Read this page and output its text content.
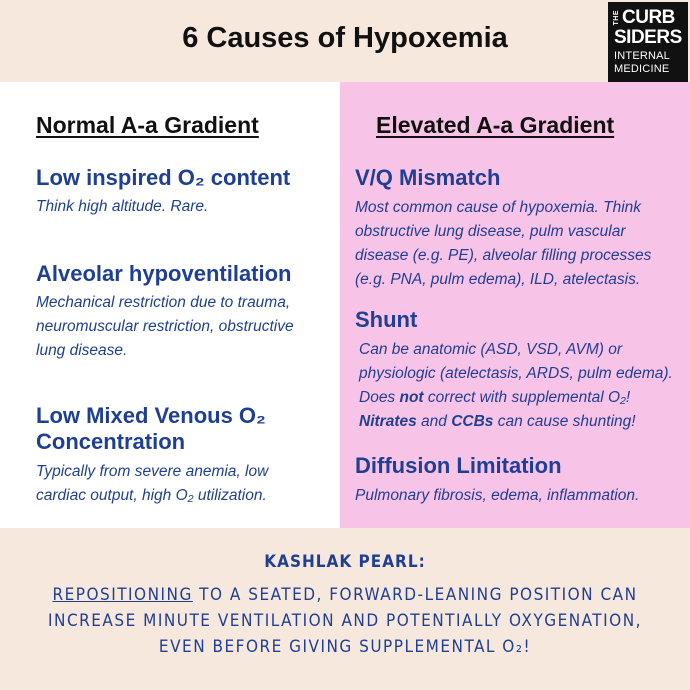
6 Causes of Hypoxemia
THE CURB
SIDERS
INTERNAL
MEDICINE
Normal A-a Gradient
Low inspired O₂ content
Think high altitude. Rare.
Alveolar hypoventilation
Mechanical restriction due to trauma,
neuromuscular restriction, obstructive
lung disease.
Low Mixed Venous O₂
Concentration
Typically from severe anemia, low
cardiac output, high O₂ utilization.
Elevated A-a Gradient
V/Q Mismatch
Most common cause of hypoxemia. Think
obstructive lung disease, pulm vascular
disease (e.g. PE), alveolar filling processes
(e.g. PNA, pulm edema), ILD, atelectasis.
Shunt
Can be anatomic (ASD, VSD, AVM) or
physiologic (atelectasis, ARDS, pulm edema).
Does not correct with supplemental O₂!
Nitrates and CCBs can cause shunting!
Diffusion Limitation
Pulmonary fibrosis, edema, inflammation.
KASHLAK PEARL:
REPOSITIONING TO A SEATED, FORWARD-LEANING POSITION CAN
INCREASE MINUTE VENTILATION AND POTENTIALLY OXYGENATION,
EVEN BEFORE GIVING SUPPLEMENTAL O₂!
